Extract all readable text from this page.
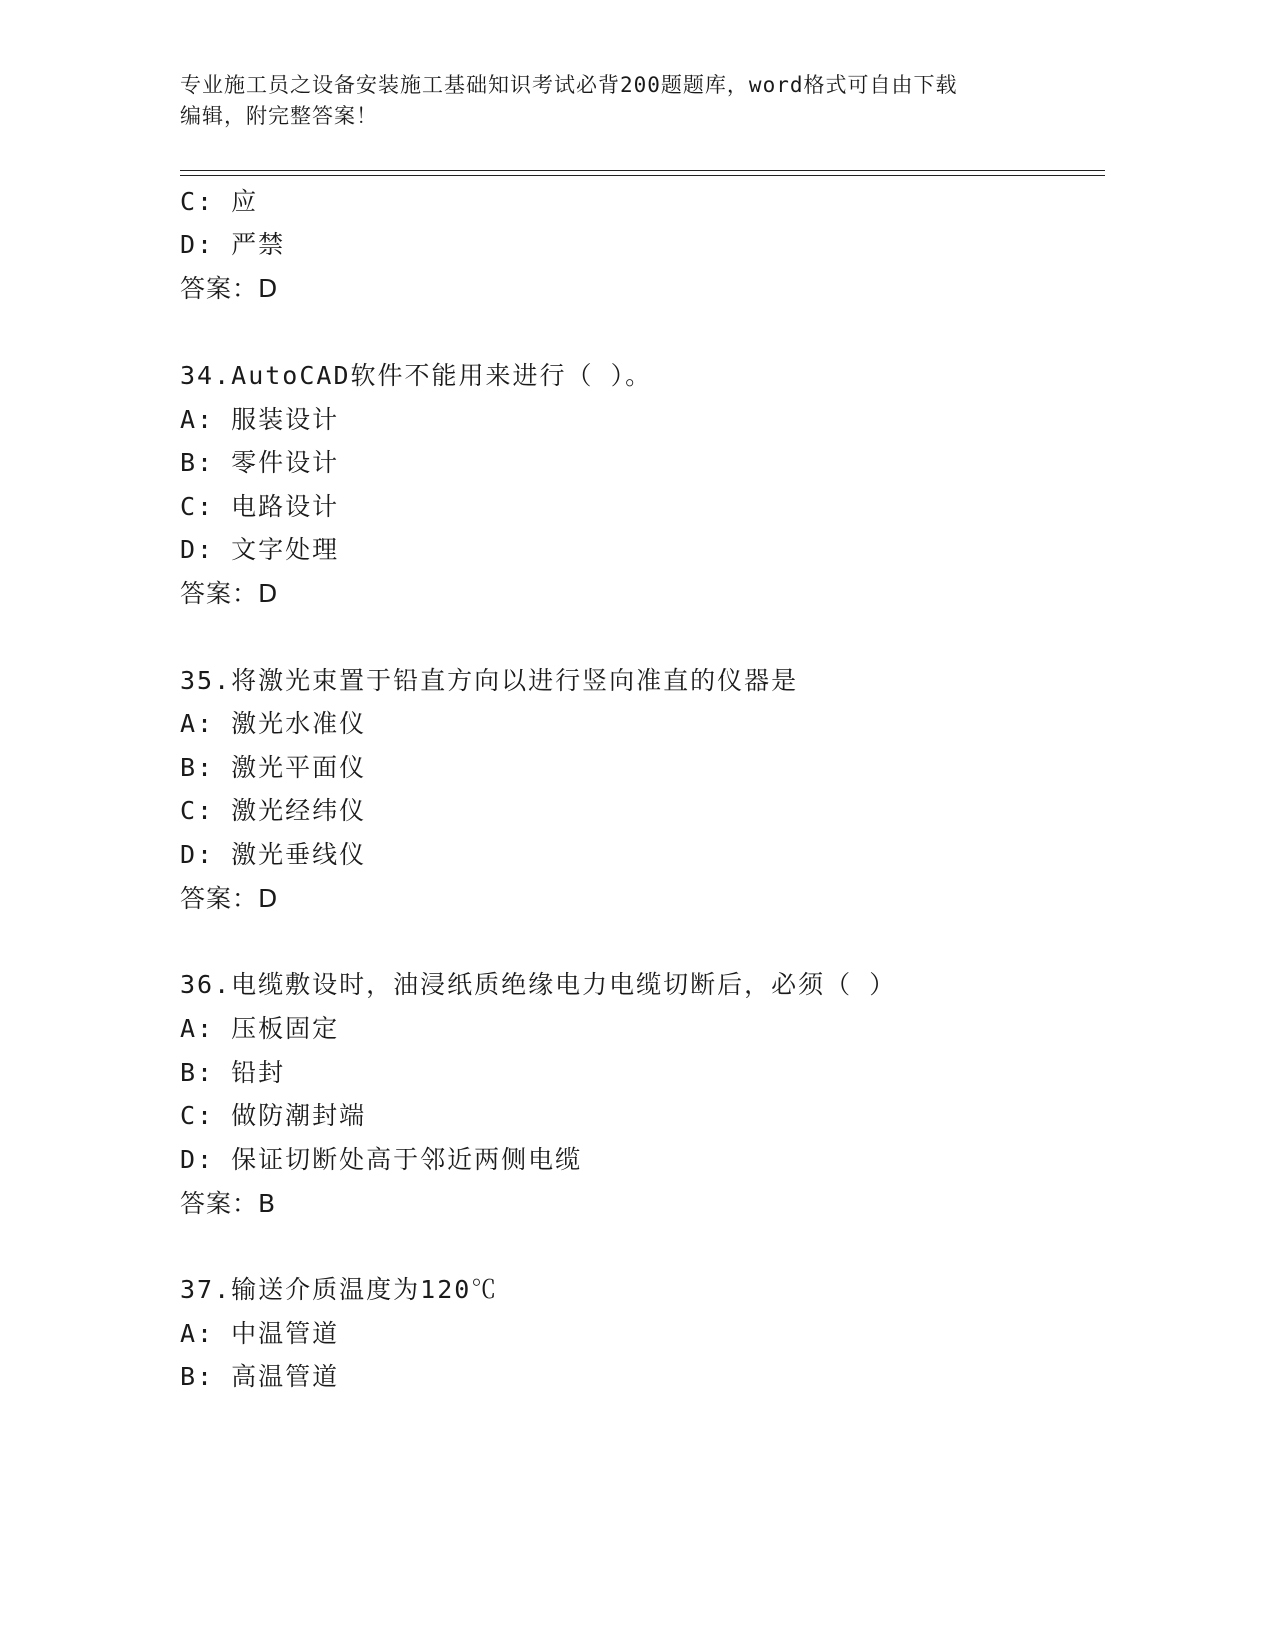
专业施工员之设备安装施工基础知识考试必背200题题库，word格式可自由下载
编辑，附完整答案！
C: 应
D: 严禁
答案：D
34.AutoCAD软件不能用来进行（ ）。
A: 服装设计
B: 零件设计
C: 电路设计
D: 文字处理
答案：D
35.将激光束置于铅直方向以进行竖向准直的仪器是
A: 激光水准仪
B: 激光平面仪
C: 激光经纬仪
D: 激光垂线仪
答案：D
36.电缆敷设时，油浸纸质绝缘电力电缆切断后，必须（ ）
A: 压板固定
B: 铅封
C: 做防潮封端
D: 保证切断处高于邻近两侧电缆
答案：B
37.输送介质温度为120℃
A: 中温管道
B: 高温管道
